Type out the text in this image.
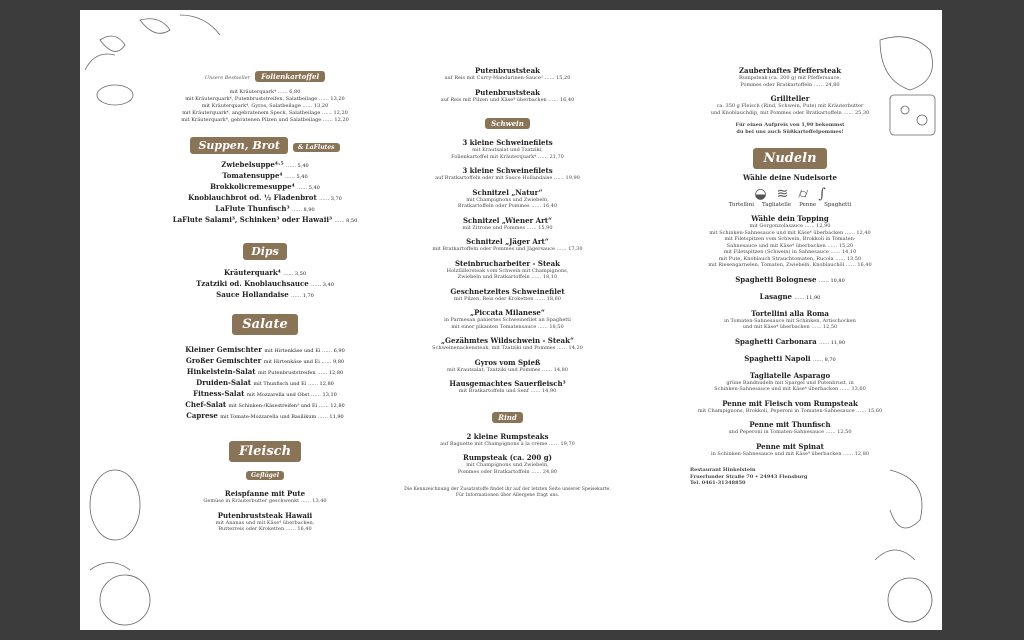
Unsere Bestseller Folienkartoffel
mit Kräuterquark⁴ …… 6,80
mit Kräuterquark⁴, Putenbruststreifen, Salatbeilage …… 13,20
mit Kräuterquark⁴, Gyros, Salatbeilage …… 13,20
mit Kräuterquark⁴, angebratenem Speck, Salatbeilage …… 12,20
mit Kräuterquark⁴, gebratenen Pilzen und Salatbeilage …… 12,20
Suppen, Brot	& LaFlutes
Zwiebelsuppe⁴˒⁵ …… 5,40
Tomatensuppe⁴ …… 5,40
Brokkolicremesuppe⁴ …… 5,40
Knoblauchbrot od. ½ Fladenbrot …… 3,70
LaFlute Thunfisch³ …… 8,90
LaFlute Salami³, Schinken³ oder Hawaii³ …… 8,50
Dips
Kräuterquark⁴ …… 3,50
Tzatziki od. Knoblauchsauce …… 3,40
Sauce Hollandaise …… 1,70
Salate
Kleiner Gemischter mit Hirtenkäse und Ei …… 6,90
Großer Gemischter mit Hirtenkäse und Ei …… 9,80
Hinkelstein-Salat mit Putenbruststreifen …… 12,80
Druiden-Salat mit Thunfisch und Ei …… 12,80
Fitness-Salat mit Mozzarella und Obst …… 13,10
Chef-Salat mit Schinken-/Käsestreifen³ und Ei …… 12,80
Caprese mit Tomate-Mozzarella und Basilikum …… 11,90
Fleisch
Geflügel
Reispfanne mit Pute
Gemüse in Kräuterbutter geschwenkt …… 13,40
Putenbruststeak Hawaii
mit Ananas und mit Käse⁴ überbacken,
Butterreis oder Kroketten …… 16,40
Putenbruststeak
auf Reis mit Curry-Mandarinen-Sauce² …… 15,20
Putenbruststeak
auf Reis mit Pilzen und Käse⁴ überbacken …… 16,40
Schwein
3 kleine Schweinefilets
mit Krautsalat und Tzatziki,
Folienkartoffel mit Kräuterquark⁴ …… 21,70
3 kleine Schweinefilets
auf Bratkartoffeln oder mit Sauce Hollandaise …… 19,90
Schnitzel „Natur“
mit Champignons und Zwiebeln,
Bratkartoffeln oder Pommes …… 16,40
Schnitzel „Wiener Art“
mit Zitrone und Pommes …… 15,90
Schnitzel „Jäger Art“
mit Bratkartoffeln oder Pommes und Jägersauce …… 17,30
Steinbrucharbeiter - Steak
Holzfällersteak vom Schwein mit Champignons,
Zwiebeln und Bratkartoffeln …… 18,10
Geschnetzeltes Schweinefilet
mit Pilzen, Reis oder Kroketten …… 18,60
„Piccata Milanese“
in Parmesan paniertes Schweinefilet an Spaghetti
mit einer pikanten Tomatensauce …… 18,50
„Gezähmtes Wildschwein - Steak“
Schweinenackensteak, mit Tzatziki und Pommes …… 14,20
Gyros vom Spieß
mit Krautsalat, Tzatziki und Pommes …… 14,80
Hausgemachtes Sauerfleisch³
mit Bratkartoffeln und Senf …… 14,90
Rind
2 kleine Rumpsteaks
auf Baguette mit Champignons à la crème …… 19,70
Rumpsteak (ca. 200 g)
mit Champignons und Zwiebeln,
Pommes oder Bratkartoffeln …… 24,80
Die Kennzeichnung der Zusatzstoffe findet ihr auf der letzten Seite unserer Speisekarte.
Für Informationen über Allergene fragt uns.
Zauberhaftes Pfeffersteak
Rumpsteak (ca. 200 g) mit Pfeffersauce,
Pommes oder Bratkartoffeln …… 24,80
Grillteller
ca. 350 g Fleisch (Rind, Schwein, Pute) mit Kräuterbutter
und Knoblauchdip, mit Pommes oder Bratkartoffeln …… 25,30
Für einen Aufpreis von 1,90 bekommst
du bei uns auch Süßkartoffelpommes!
Nudeln
Wähle deine Nudelsorte
◒ ≋ ⌭ ∫
Tortellini Tagliatelle Penne Spaghetti
Wähle dein Topping
mit Gorgonzolasauce …… 12,90
mit Schinken-Sahnesauce und mit Käse⁴ überbacken …… 12,40
mit Filetspitzen vom Schwein, Brokkoli in Tomaten-
Sahnesauce und mit Käse⁴ überbacken …… 15,20
mit Filetspitzen (Schwein) in Sahnesauce …… 14,10
mit Pute, Knoblauch Strauchtomaten, Rucola …… 13,50
mit Riesengarnelen, Tomaten, Zwiebeln, Knoblauchöl …… 16,40
Spaghetti Bolognese …… 10,80
Lasagne …… 11,90
Tortellini alla Roma
in Tomaten-Sahnesauce mit Schinken, Artischocken
und mit Käse⁴ überbacken …… 12,50
Spaghetti Carbonara …… 11,90
Spaghetti Napoli …… 8,70
Tagliatelle Asparago
grüne Bandnudeln mit Spargel und Putenbrust, in
Schinken-Sahnesauce und mit Käse⁴ überbacken …… 13,60
Penne mit Fleisch vom Rumpsteak
mit Champignons, Brokkoli, Peperoni in Tomaten-Sahnesauce …… 15,60
Penne mit Thunfisch
und Peperoni in Tomaten-Sahnesauce …… 12,50
Penne mit Spinat
in Schinken-Sahnesauce und mit Käse⁴ überbacken …… 12,80
Restaurant Hinkelstein
Fruerlunder Straße 70 • 24943 Flensburg
Tel. 0461-31348850
